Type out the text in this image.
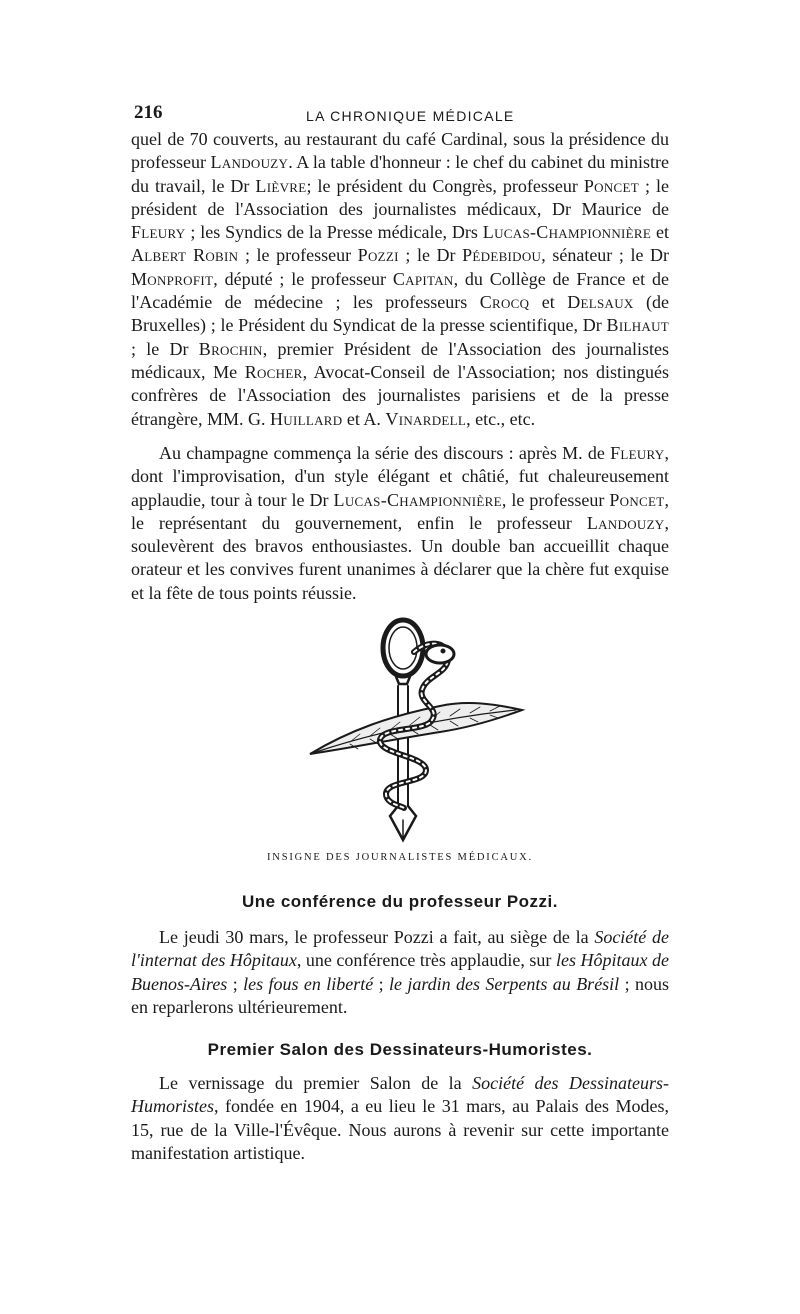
216	LA CHRONIQUE MÉDICALE
quel de 70 couverts, au restaurant du café Cardinal, sous la présidence du professeur Landouzy. A la table d'honneur : le chef du cabinet du ministre du travail, le Dr Lièvre; le président du Congrès, professeur Poncet ; le président de l'Association des journalistes médicaux, Dr Maurice de Fleury ; les Syndics de la Presse médicale, Drs Lucas-Championnière et Albert Robin ; le professeur Pozzi ; le Dr Pédebidou, sénateur ; le Dr Monprofit, député ; le professeur Capitan, du Collège de France et de l'Académie de médecine ; les professeurs Crocq et Delsaux (de Bruxelles) ; le Président du Syndicat de la presse scientifique, Dr Bilhaut ; le Dr Brochin, premier Président de l'Association des journalistes médicaux, Me Rocher, Avocat-Conseil de l'Association; nos distingués confrères de l'Association des journalistes parisiens et de la presse étrangère, MM. G. Huillard et A. Vinardell, etc., etc.
Au champagne commença la série des discours : après M. de Fleury, dont l'improvisation, d'un style élégant et châtié, fut chaleureusement applaudie, tour à tour le Dr Lucas-Championnière, le professeur Poncet, le représentant du gouvernement, enfin le professeur Landouzy, soulevèrent des bravos enthousiastes. Un double ban accueillit chaque orateur et les convives furent unanimes à déclarer que la chère fut exquise et la fête de tous points réussie.
INSIGNE DES JOURNALISTES MÉDICAUX.
Une conférence du professeur Pozzi.
Le jeudi 30 mars, le professeur Pozzi a fait, au siège de la Société de l'internat des Hôpitaux, une conférence très applaudie, sur les Hôpitaux de Buenos-Aires ; les fous en liberté ; le jardin des Serpents au Brésil ; nous en reparlerons ultérieurement.
Premier Salon des Dessinateurs-Humoristes.
Le vernissage du premier Salon de la Société des Dessinateurs-Humoristes, fondée en 1904, a eu lieu le 31 mars, au Palais des Modes, 15, rue de la Ville-l'Évêque. Nous aurons à revenir sur cette importante manifestation artistique.
